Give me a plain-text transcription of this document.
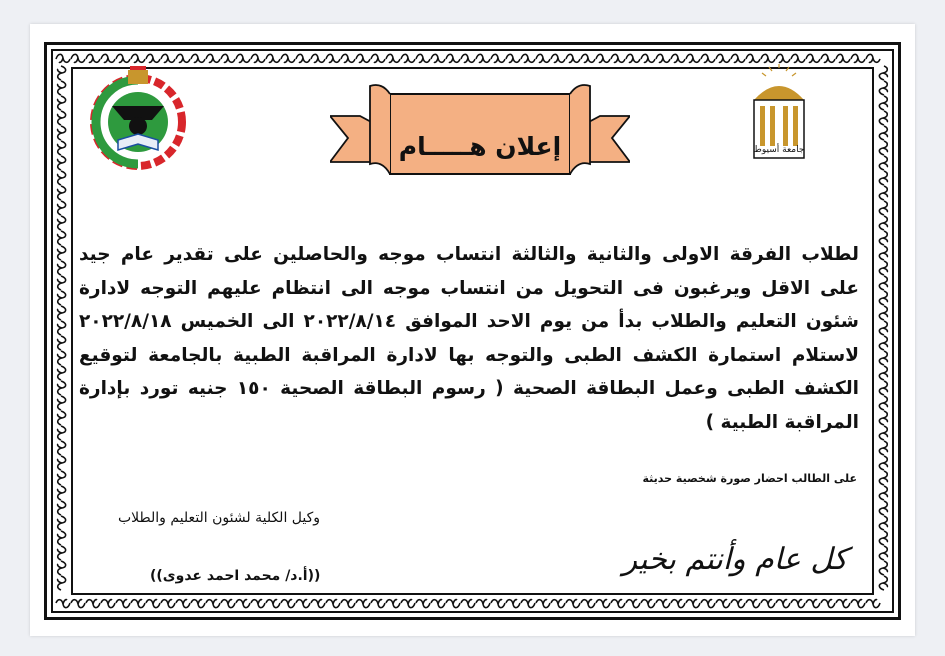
جامعة أسيوط
إعلان هـــــام
لطلاب الفرقة الاولى والثانية والثالثة انتساب موجه والحاصلين على تقدير عام جيد على الاقل ويرغبون فى التحويل من انتساب موجه الى انتظام عليهم التوجه لادارة شئون التعليم والطلاب بدأ من يوم الاحد الموافق ٢٠٢٢/٨/١٤ الى الخميس ٢٠٢٢/٨/١٨ لاستلام استمارة الكشف الطبى والتوجه بها لادارة المراقبة الطبية بالجامعة لتوقيع الكشف الطبى وعمل البطاقة الصحية ( رسوم البطاقة الصحية ١٥٠ جنيه تورد بإدارة المراقبة الطبية )
على الطالب احضار صورة شخصية حديثة
وكيل الكلية لشئون التعليم والطلاب
((أ.د/ محمد احمد عدوى))	كل عام وأنتم بخير
